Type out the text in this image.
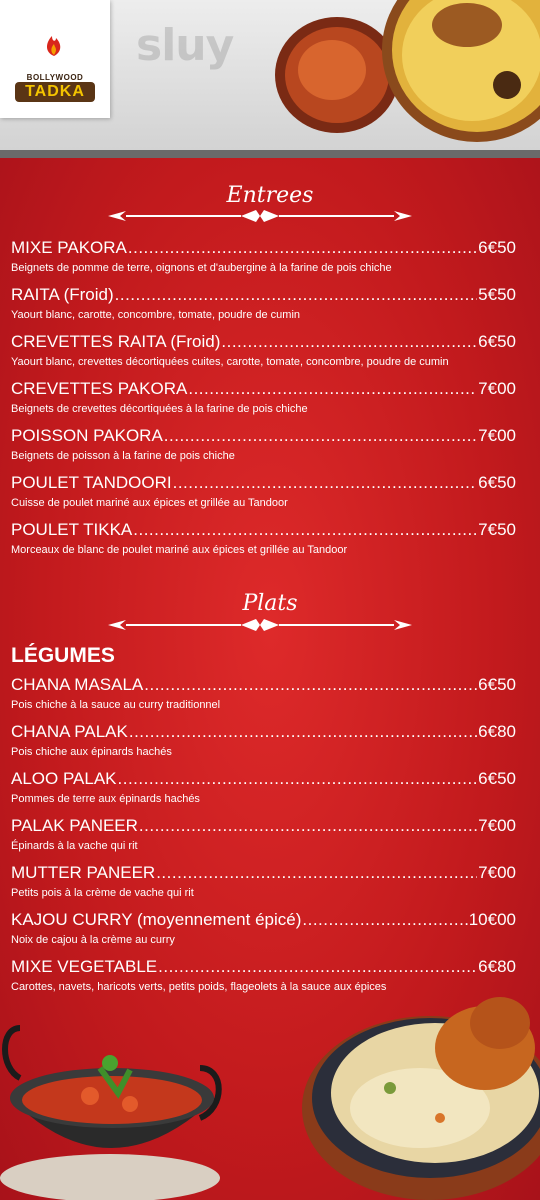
sluy
BOLLYWOOD
TADKA
Entrees
MIXE PAKORA .....	6€50
Beignets de pomme de terre, oignons et d'aubergine à la farine de pois chiche
RAITA (Froid) .....	5€50
Yaourt blanc, carotte, concombre, tomate, poudre de cumin
CREVETTES RAITA (Froid) .....	6€50
Yaourt blanc, crevettes décortiquées cuites, carotte, tomate, concombre, poudre de cumin
CREVETTES PAKORA .....	7€00
Beignets de crevettes décortiquées à la farine de pois chiche
POISSON PAKORA .....	7€00
Beignets de poisson à la farine de pois chiche
POULET TANDOORI .....	6€50
Cuisse de poulet mariné aux épices et grillée au Tandoor
POULET TIKKA .....	7€50
Morceaux de blanc de poulet mariné aux épices et grillée au Tandoor
Plats
LÉGUMES
CHANA MASALA .....	6€50
Pois chiche à la sauce au curry traditionnel
CHANA PALAK .....	6€80
Pois chiche aux épinards hachés
ALOO PALAK .....	6€50
Pommes de terre aux épinards hachés
PALAK PANEER .....	7€00
Épinards à la vache qui rit
MUTTER PANEER .....	7€00
Petits pois à la crème de vache qui rit
KAJOU CURRY (moyennement épicé) .....	10€00
Noix de cajou à la crème au curry
MIXE VEGETABLE .....	6€80
Carottes, navets, haricots verts, petits poids, flageolets à la sauce aux épices
